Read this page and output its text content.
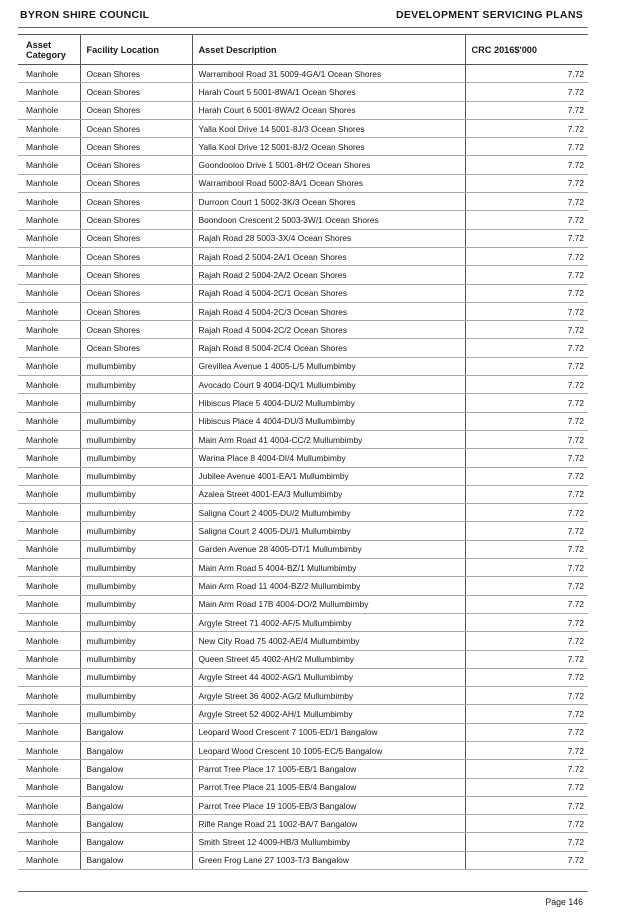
BYRON SHIRE COUNCIL	DEVELOPMENT SERVICING PLANS
Asset Category	Facility Location	Asset Description	CRC 2016$'000
Manhole	Ocean Shores	Warrambool Road 31 5009-4GA/1 Ocean Shores	7.72
Manhole	Ocean Shores	Harah Court 5 5001-8WA/1 Ocean Shores	7.72
Manhole	Ocean Shores	Harah Court 6 5001-8WA/2 Ocean Shores	7.72
Manhole	Ocean Shores	Yalla Kool Drive 14 5001-8J/3 Ocean Shores	7.72
Manhole	Ocean Shores	Yalla Kool Drive 12 5001-8J/2 Ocean Shores	7.72
Manhole	Ocean Shores	Goondooloo Drive 1 5001-8H/2 Ocean Shores	7.72
Manhole	Ocean Shores	Warrambool Road 5002-8A/1 Ocean Shores	7.72
Manhole	Ocean Shores	Durroon Court 1 5002-3K/3 Ocean Shores	7.72
Manhole	Ocean Shores	Boondoon Crescent 2 5003-3W/1 Ocean Shores	7.72
Manhole	Ocean Shores	Rajah Road 28 5003-3X/4 Ocean Shores	7.72
Manhole	Ocean Shores	Rajah Road 2 5004-2A/1 Ocean Shores	7.72
Manhole	Ocean Shores	Rajah Road 2 5004-2A/2 Ocean Shores	7.72
Manhole	Ocean Shores	Rajah Road 4 5004-2C/1 Ocean Shores	7.72
Manhole	Ocean Shores	Rajah Road 4 5004-2C/3 Ocean Shores	7.72
Manhole	Ocean Shores	Rajah Road 4 5004-2C/2 Ocean Shores	7.72
Manhole	Ocean Shores	Rajah Road 8 5004-2C/4 Ocean Shores	7.72
Manhole	mullumbimby	Grevillea Avenue 1 4005-L/5 Mullumbimby	7.72
Manhole	mullumbimby	Avocado Court 9 4004-DQ/1 Mullumbimby	7.72
Manhole	mullumbimby	Hibiscus Place 5 4004-DU/2 Mullumbimby	7.72
Manhole	mullumbimby	Hibiscus Place 4 4004-DU/3 Mullumbimby	7.72
Manhole	mullumbimby	Main Arm Road 41 4004-CC/2 Mullumbimby	7.72
Manhole	mullumbimby	Warina Place 8 4004-DI/4 Mullumbimby	7.72
Manhole	mullumbimby	Jubilee Avenue 4001-EA/1 Mullumbimby	7.72
Manhole	mullumbimby	Azalea Street 4001-EA/3 Mullumbimby	7.72
Manhole	mullumbimby	Saligna Court 2 4005-DU/2 Mullumbimby	7.72
Manhole	mullumbimby	Saligna Court 2 4005-DU/1 Mullumbimby	7.72
Manhole	mullumbimby	Garden Avenue 28 4005-DT/1 Mullumbimby	7.72
Manhole	mullumbimby	Main Arm Road 5 4004-BZ/1 Mullumbimby	7.72
Manhole	mullumbimby	Main Arm Road 11 4004-BZ/2 Mullumbimby	7.72
Manhole	mullumbimby	Main Arm Road 17B 4004-DO/2 Mullumbimby	7.72
Manhole	mullumbimby	Argyle Street 71 4002-AF/5 Mullumbimby	7.72
Manhole	mullumbimby	New City Road 75 4002-AE/4 Mullumbimby	7.72
Manhole	mullumbimby	Queen Street 45 4002-AH/2 Mullumbimby	7.72
Manhole	mullumbimby	Argyle Street 44 4002-AG/1 Mullumbimby	7.72
Manhole	mullumbimby	Argyle Street 36 4002-AG/2 Mullumbimby	7.72
Manhole	mullumbimby	Argyle Street 52 4002-AH/1 Mullumbimby	7.72
Manhole	Bangalow	Leopard Wood Crescent 7 1005-ED/1 Bangalow	7.72
Manhole	Bangalow	Leopard Wood Crescent 10 1005-EC/5 Bangalow	7.72
Manhole	Bangalow	Parrot Tree Place 17 1005-EB/1 Bangalow	7.72
Manhole	Bangalow	Parrot Tree Place 21 1005-EB/4 Bangalow	7.72
Manhole	Bangalow	Parrot Tree Place 19 1005-EB/3 Bangalow	7.72
Manhole	Bangalow	Rifle Range Road 21 1002-BA/7 Bangalow	7.72
Manhole	Bangalow	Smith Street 12 4009-HB/3 Mullumbimby	7.72
Manhole	Bangalow	Green Frog Lane 27 1003-T/3 Bangalow	7.72
Page 146
